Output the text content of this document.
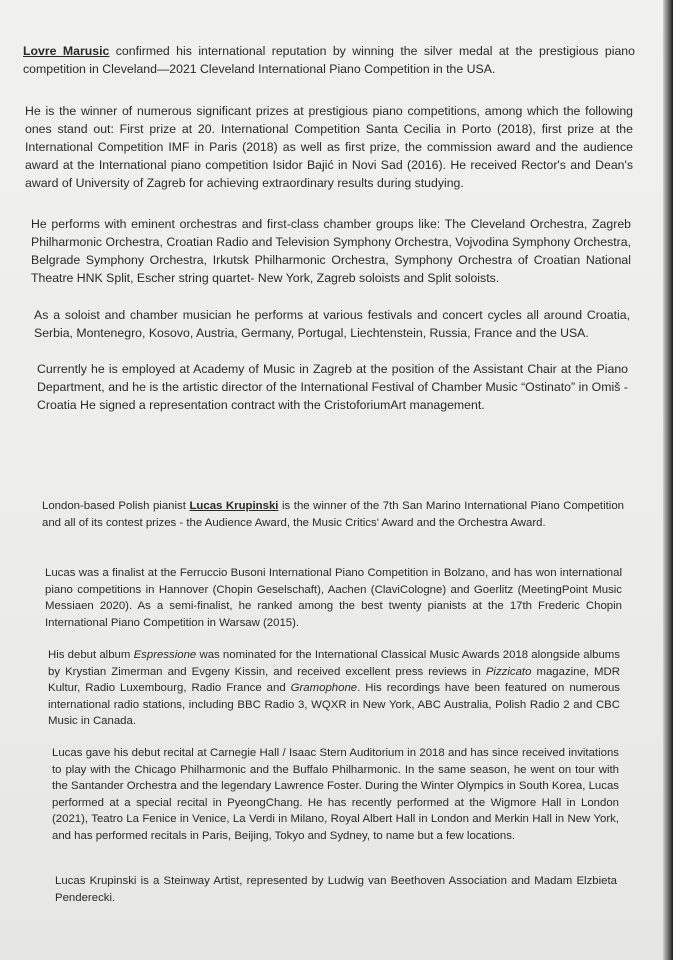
Lovre Marusic confirmed his international reputation by winning the silver medal at the prestigious piano competition in Cleveland—2021 Cleveland International Piano Competition in the USA.

He is the winner of numerous significant prizes at prestigious piano competitions, among which the following ones stand out: First prize at 20. International Competition Santa Cecilia in Porto (2018), first prize at the International Competition IMF in Paris (2018) as well as first prize, the commission award and the audience award at the International piano competition Isidor Bajić in Novi Sad (2016). He received Rector's and Dean's award of University of Zagreb for achieving extraordinary results during studying.

He performs with eminent orchestras and first-class chamber groups like: The Cleveland Orchestra, Zagreb Philharmonic Orchestra, Croatian Radio and Television Symphony Orchestra, Vojvodina Symphony Orchestra, Belgrade Symphony Orchestra, Irkutsk Philharmonic Orchestra, Symphony Orchestra of Croatian National Theatre HNK Split, Escher string quartet- New York, Zagreb soloists and Split soloists.

As a soloist and chamber musician he performs at various festivals and concert cycles all around Croatia, Serbia, Montenegro, Kosovo, Austria, Germany, Portugal, Liechtenstein, Russia, France and the USA.

Currently he is employed at Academy of Music in Zagreb at the position of the Assistant Chair at the Piano Department, and he is the artistic director of the International Festival of Chamber Music “Ostinato” in Omiš - Croatia He signed a representation contract with the CristoforiumArt management.

London-based Polish pianist Lucas Krupinski is the winner of the 7th San Marino International Piano Competition and all of its contest prizes - the Audience Award, the Music Critics' Award and the Orchestra Award.

Lucas was a finalist at the Ferruccio Busoni International Piano Competition in Bolzano, and has won international piano competitions in Hannover (Chopin Geselschaft), Aachen (ClaviCologne) and Goerlitz (MeetingPoint Music Messiaen 2020). As a semi-finalist, he ranked among the best twenty pianists at the 17th Frederic Chopin International Piano Competition in Warsaw (2015).

His debut album Espressione was nominated for the International Classical Music Awards 2018 alongside albums by Krystian Zimerman and Evgeny Kissin, and received excellent press reviews in Pizzicato magazine, MDR Kultur, Radio Luxembourg, Radio France and Gramophone. His recordings have been featured on numerous international radio stations, including BBC Radio 3, WQXR in New York, ABC Australia, Polish Radio 2 and CBC Music in Canada.

Lucas gave his debut recital at Carnegie Hall / Isaac Stern Auditorium in 2018 and has since received invitations to play with the Chicago Philharmonic and the Buffalo Philharmonic. In the same season, he went on tour with the Santander Orchestra and the legendary Lawrence Foster. During the Winter Olympics in South Korea, Lucas performed at a special recital in PyeongChang. He has recently performed at the Wigmore Hall in London (2021), Teatro La Fenice in Venice, La Verdi in Milano, Royal Albert Hall in London and Merkin Hall in New York, and has performed recitals in Paris, Beijing, Tokyo and Sydney, to name but a few locations.

Lucas Krupinski is a Steinway Artist, represented by Ludwig van Beethoven Association and Madam Elzbieta Penderecki.
